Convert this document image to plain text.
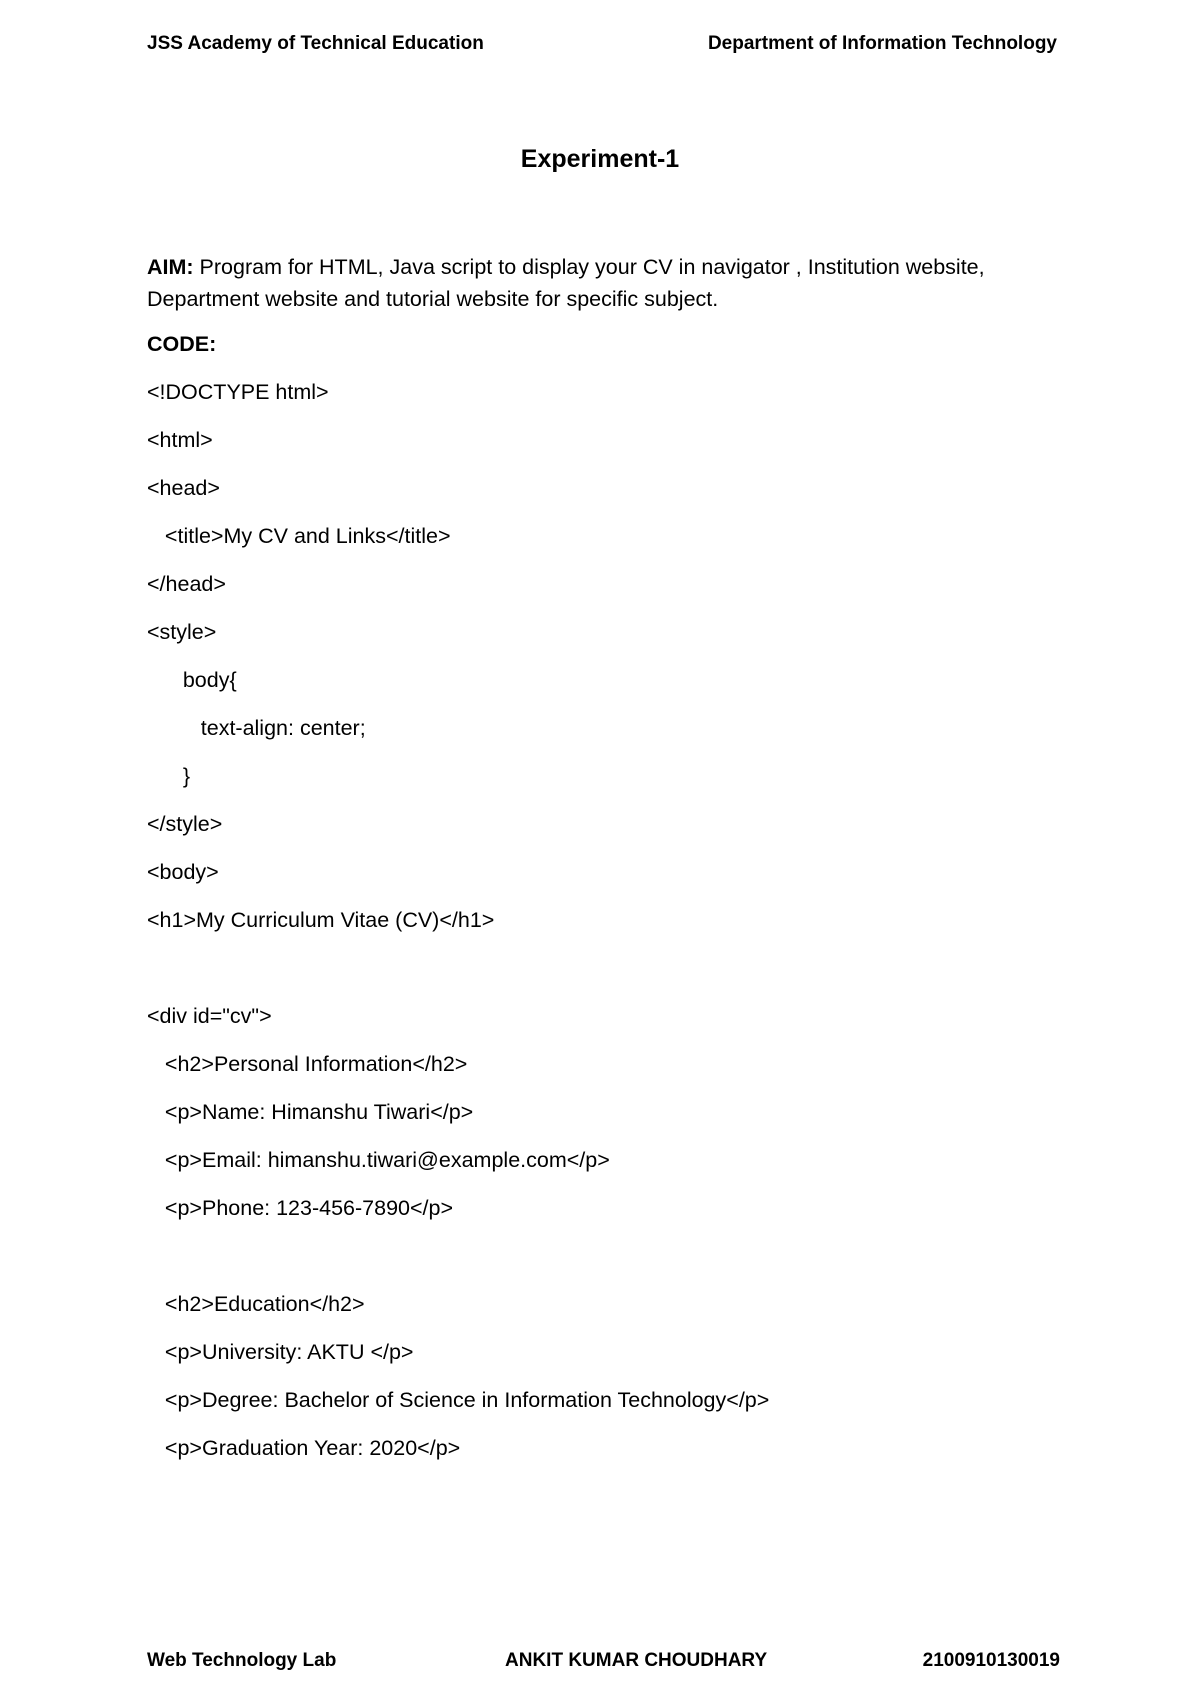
JSS Academy of Technical Education	Department of Information Technology
Experiment-1
AIM: Program for HTML, Java script to display your CV in navigator , Institution website, Department website and tutorial website for specific subject.
CODE:
<!DOCTYPE html>
<html>
<head>
<title>My CV and Links</title>
</head>
<style>
body{
text-align: center;
}
</style>
<body>
<h1>My Curriculum Vitae (CV)</h1>
<div id="cv">
<h2>Personal Information</h2>
<p>Name: Himanshu Tiwari</p>
<p>Email: himanshu.tiwari@example.com</p>
<p>Phone: 123-456-7890</p>
<h2>Education</h2>
<p>University: AKTU </p>
<p>Degree: Bachelor of Science in Information Technology</p>
<p>Graduation Year: 2020</p>
Web Technology Lab	ANKIT KUMAR CHOUDHARY	2100910130019
